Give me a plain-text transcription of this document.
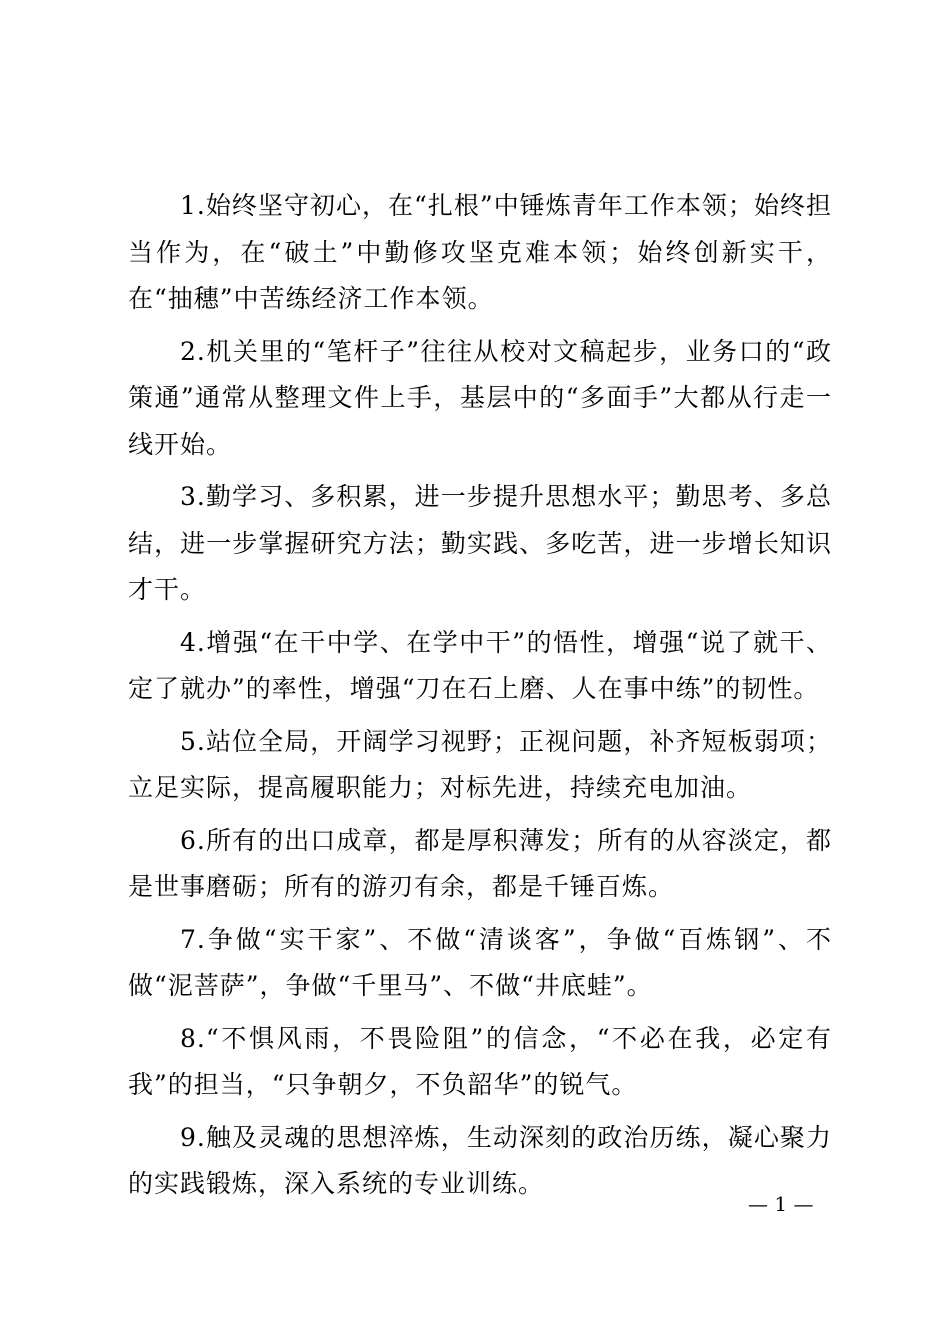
1.始终坚守初心，在“扎根”中锤炼青年工作本领；始终担当作为，在“破土”中勤修攻坚克难本领；始终创新实干，在“抽穗”中苦练经济工作本领。

2.机关里的“笔杆子”往往从校对文稿起步，业务口的“政策通”通常从整理文件上手，基层中的“多面手”大都从行走一线开始。

3.勤学习、多积累，进一步提升思想水平；勤思考、多总结，进一步掌握研究方法；勤实践、多吃苦，进一步增长知识才干。

4.增强“在干中学、在学中干”的悟性，增强“说了就干、定了就办”的率性，增强“刀在石上磨、人在事中练”的韧性。

5.站位全局，开阔学习视野；正视问题，补齐短板弱项；立足实际，提高履职能力；对标先进，持续充电加油。

6.所有的出口成章，都是厚积薄发；所有的从容淡定，都是世事磨砺；所有的游刃有余，都是千锤百炼。

7.争做“实干家”、不做“清谈客”，争做“百炼钢”、不做“泥菩萨”，争做“千里马”、不做“井底蛙”。

8.“不惧风雨，不畏险阻”的信念，“不必在我，必定有我”的担当，“只争朝夕，不负韶华”的锐气。

9.触及灵魂的思想淬炼，生动深刻的政治历练，凝心聚力的实践锻炼，深入系统的专业训练。

— 1 —
